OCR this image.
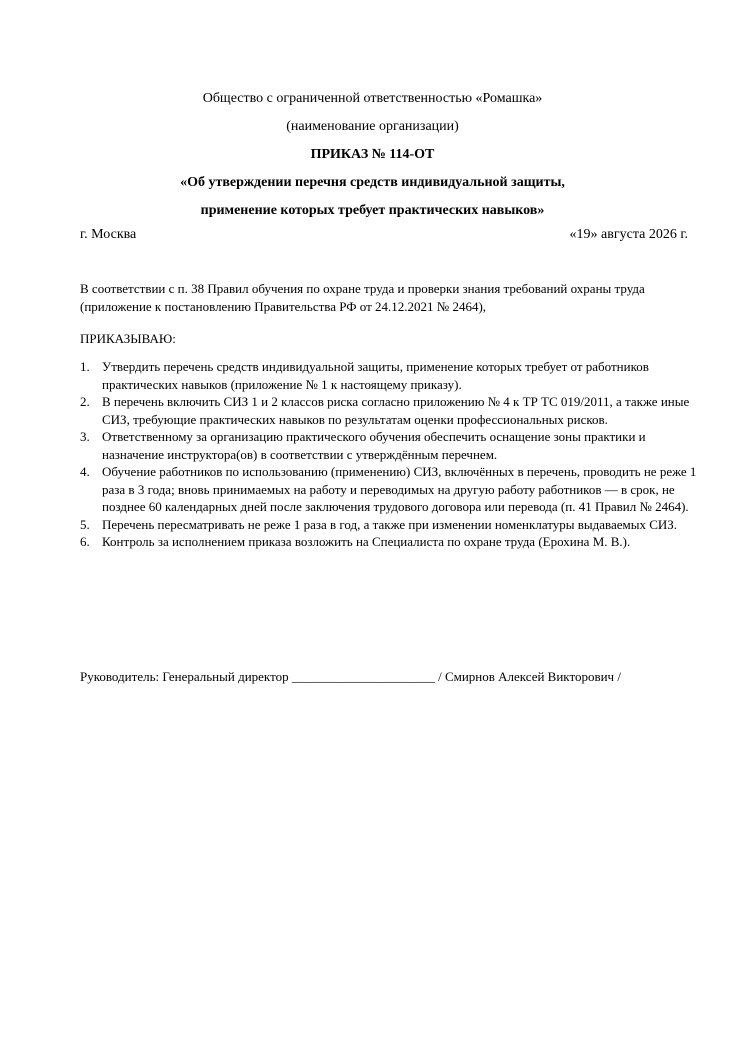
Общество с ограниченной ответственностью «Ромашка»
(наименование организации)
ПРИКАЗ № 114-ОТ
«Об утверждении перечня средств индивидуальной защиты,
применение которых требует практических навыков»
г. Москва	«19» августа 2026 г.
В соответствии с п. 38 Правил обучения по охране труда и проверки знания требований охраны труда
(приложение к постановлению Правительства РФ от 24.12.2021 № 2464),
ПРИКАЗЫВАЮ:
1. Утвердить перечень средств индивидуальной защиты, применение которых требует от работников практических навыков (приложение № 1 к настоящему приказу).
2. В перечень включить СИЗ 1 и 2 классов риска согласно приложению № 4 к ТР ТС 019/2011, а также иные СИЗ, требующие практических навыков по результатам оценки профессиональных рисков.
3. Ответственному за организацию практического обучения обеспечить оснащение зоны практики и назначение инструктора(ов) в соответствии с утверждённым перечнем.
4. Обучение работников по использованию (применению) СИЗ, включённых в перечень, проводить не реже 1 раза в 3 года; вновь принимаемых на работу и переводимых на другую работу работников — в срок, не позднее 60 календарных дней после заключения трудового договора или перевода (п. 41 Правил № 2464).
5. Перечень пересматривать не реже 1 раза в год, а также при изменении номенклатуры выдаваемых СИЗ.
6. Контроль за исполнением приказа возложить на Специалиста по охране труда (Ерохина М. В.).
Руководитель: Генеральный директор ______________________ / Смирнов Алексей Викторович /
